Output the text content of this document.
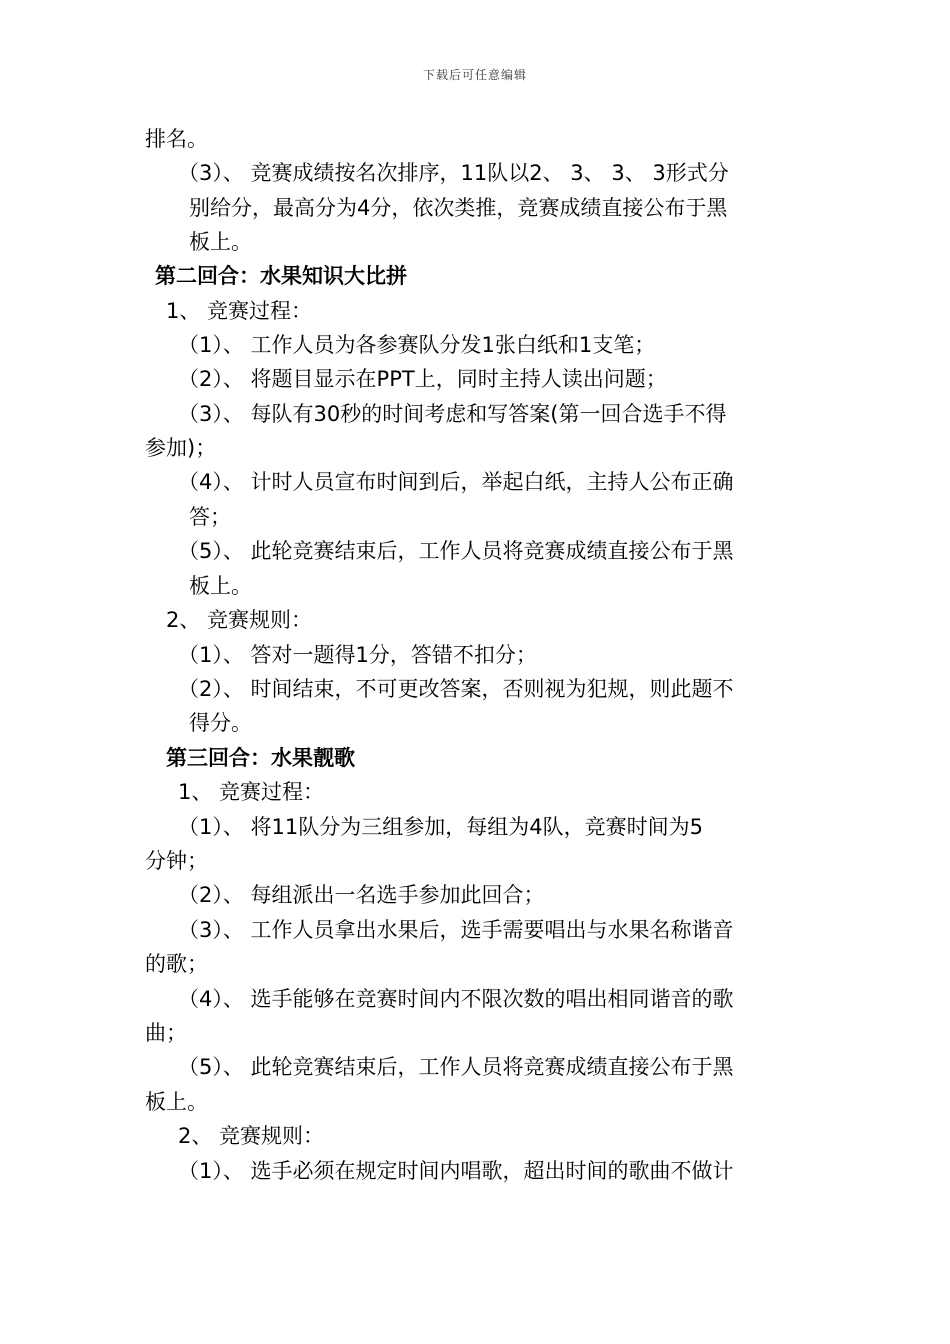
下载后可任意编辑
排名。
（3）、 竞赛成绩按名次排序，11队以2、 3、 3、 3形式分
别给分，最高分为4分，依次类推，竞赛成绩直接公布于黑
板上。
第二回合：水果知识大比拼
1、 竞赛过程：
（1）、 工作人员为各参赛队分发1张白纸和1支笔；
（2）、 将题目显示在PPT上，同时主持人读出问题；
（3）、 每队有30秒的时间考虑和写答案(第一回合选手不得
参加)；
（4）、 计时人员宣布时间到后，举起白纸，主持人公布正确
答；
（5）、 此轮竞赛结束后，工作人员将竞赛成绩直接公布于黑
板上。
2、 竞赛规则：
（1）、 答对一题得1分，答错不扣分；
（2）、 时间结束，不可更改答案，否则视为犯规，则此题不
得分。
第三回合：水果靓歌
1、 竞赛过程：
（1）、 将11队分为三组参加，每组为4队，竞赛时间为5
分钟；
（2）、 每组派出一名选手参加此回合；
（3）、 工作人员拿出水果后，选手需要唱出与水果名称谐音
的歌；
（4）、 选手能够在竞赛时间内不限次数的唱出相同谐音的歌
曲；
（5）、 此轮竞赛结束后，工作人员将竞赛成绩直接公布于黑
板上。
2、 竞赛规则：
（1）、 选手必须在规定时间内唱歌，超出时间的歌曲不做计
